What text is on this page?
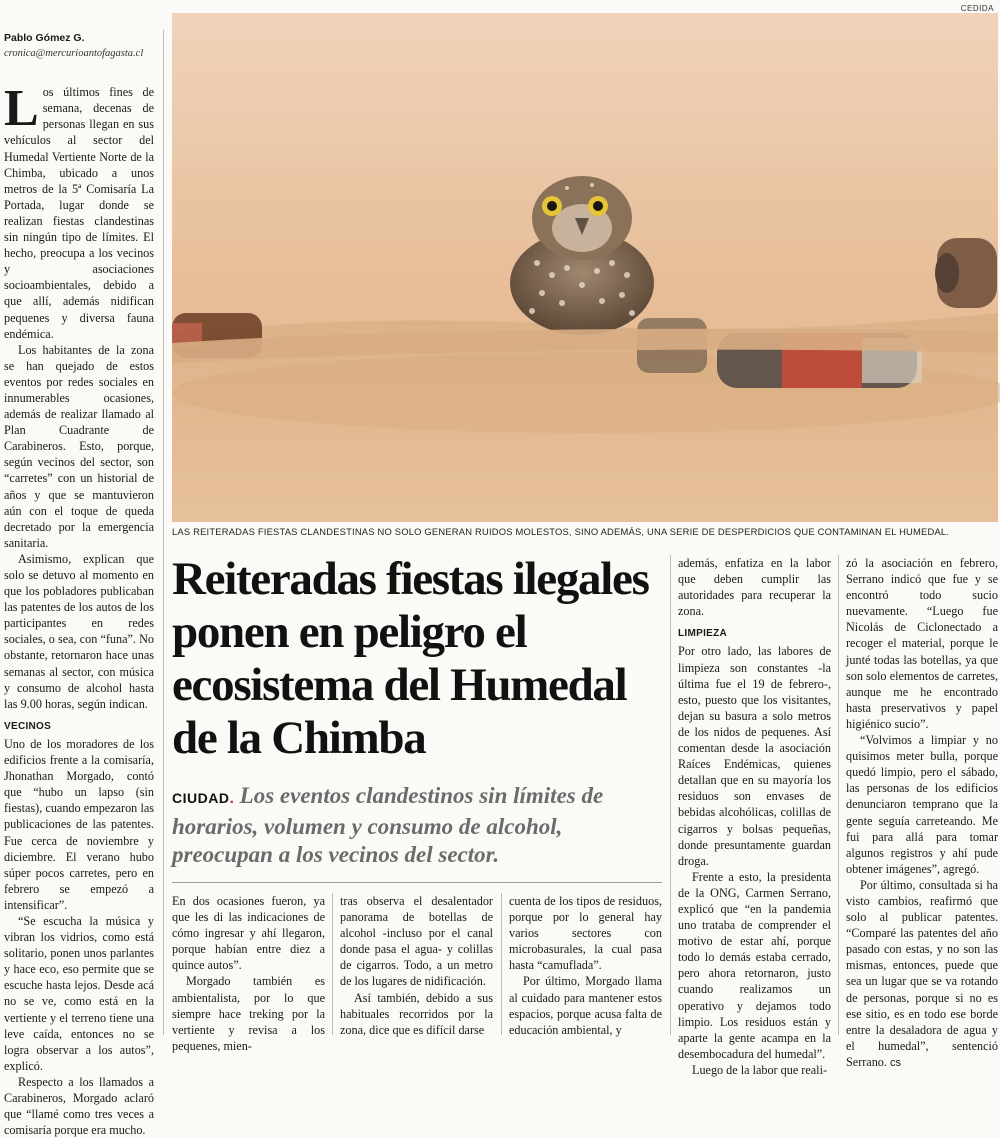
CEDIDA
LAS REITERADAS FIESTAS CLANDESTINAS NO SOLO GENERAN RUIDOS MOLESTOS, SINO ADEMÁS, UNA SERIE DE DESPERDICIOS QUE CONTAMINAN EL HUMEDAL.
Pablo Gómez G.
cronica@mercurioantofagasta.cl

Los últimos fines de semana, decenas de personas llegan en sus vehículos al sector del Humedal Vertiente Norte de la Chimba, ubicado a unos metros de la 5ª Comisaría La Portada, lugar donde se realizan fiestas clandestinas sin ningún tipo de límites. El hecho, preocupa a los vecinos y asociaciones socioambientales, debido a que allí, además nidifican pequenes y diversa fauna endémica.

Los habitantes de la zona se han quejado de estos eventos por redes sociales en innumerables ocasiones, además de realizar llamado al Plan Cuadrante de Carabineros. Esto, porque, según vecinos del sector, son “carretes” con un historial de años y que se mantuvieron aún con el toque de queda decretado por la emergencia sanitaria.

Asimismo, explican que solo se detuvo al momento en que los pobladores publicaban las patentes de los autos de los participantes en redes sociales, o sea, con “funa”. No obstante, retornaron hace unas semanas al sector, con música y consumo de alcohol hasta las 9.00 horas, según indican.

VECINOS

Uno de los moradores de los edificios frente a la comisaría, Jhonathan Morgado, contó que “hubo un lapso (sin fiestas), cuando empezaron las publicaciones de las patentes. Fue cerca de noviembre y diciembre. El verano hubo súper pocos carretes, pero en febrero se empezó a intensificar”.

“Se escucha la música y vibran los vidrios, como está solitario, ponen unos parlantes y hace eco, eso permite que se escuche hasta lejos. Desde acá no se ve, como está en la vertiente y el terreno tiene una leve caída, entonces no se logra observar a los autos”, explicó.

Respecto a los llamados a Carabineros, Morgado aclaró que “llamé como tres veces a comisaría porque era mucho.

Reiteradas fiestas ilegales ponen en peligro el ecosistema del Humedal de la Chimba
CIUDAD. Los eventos clandestinos sin límites de horarios, volumen y consumo de alcohol, preocupan a los vecinos del sector.

En dos ocasiones fueron, ya que les di las indicaciones de cómo ingresar y ahí llegaron, porque habían entre diez a quince autos”.

Morgado también es ambientalista, por lo que siempre hace treking por la vertiente y revisa a los pequenes, mien-

tras observa el desalentador panorama de botellas de alcohol -incluso por el canal donde pasa el agua- y colillas de cigarros. Todo, a un metro de los lugares de nidificación.

Así también, debido a sus habituales recorridos por la zona, dice que es difícil darse

cuenta de los tipos de residuos, porque por lo general hay varios sectores con microbasurales, la cual pasa hasta “camuflada”.

Por último, Morgado llama al cuidado para mantener estos espacios, porque acusa falta de educación ambiental, y

además, enfatiza en la labor que deben cumplir las autoridades para recuperar la zona.

LIMPIEZA

Por otro lado, las labores de limpieza son constantes -la última fue el 19 de febrero-, esto, puesto que los visitantes, dejan su basura a solo metros de los nidos de pequenes. Así comentan desde la asociación Raíces Endémicas, quienes detallan que en su mayoría los residuos son envases de bebidas alcohólicas, colillas de cigarros y bolsas pequeñas, donde presuntamente guardan droga.

Frente a esto, la presidenta de la ONG, Carmen Serrano, explicó que “en la pandemia uno trataba de comprender el motivo de estar ahí, porque todo lo demás estaba cerrado, pero ahora retornaron, justo cuando realizamos un operativo y dejamos todo limpio. Los residuos están y aparte la gente acampa en la desembocadura del humedal”.

Luego de la labor que reali-

zó la asociación en febrero, Serrano indicó que fue y se encontró todo sucio nuevamente. “Luego fue Nicolás de Ciclonectado a recoger el material, porque le junté todas las botellas, ya que son solo elementos de carretes, aunque me he encontrado hasta preservativos y papel higiénico sucio”.

“Volvimos a limpiar y no quisimos meter bulla, porque quedó limpio, pero el sábado, las personas de los edificios denunciaron temprano que la gente seguía carreteando. Me fui para allá para tomar algunos registros y ahí pude obtener imágenes”, agregó.

Por último, consultada si ha visto cambios, reafirmó que solo al publicar patentes. “Comparé las patentes del año pasado con estas, y no son las mismas, entonces, puede que sea un lugar que se va rotando de personas, porque si no es ese sitio, es en todo ese borde entre la desaladora de agua y el humedal”, sentenció Serrano. cs
